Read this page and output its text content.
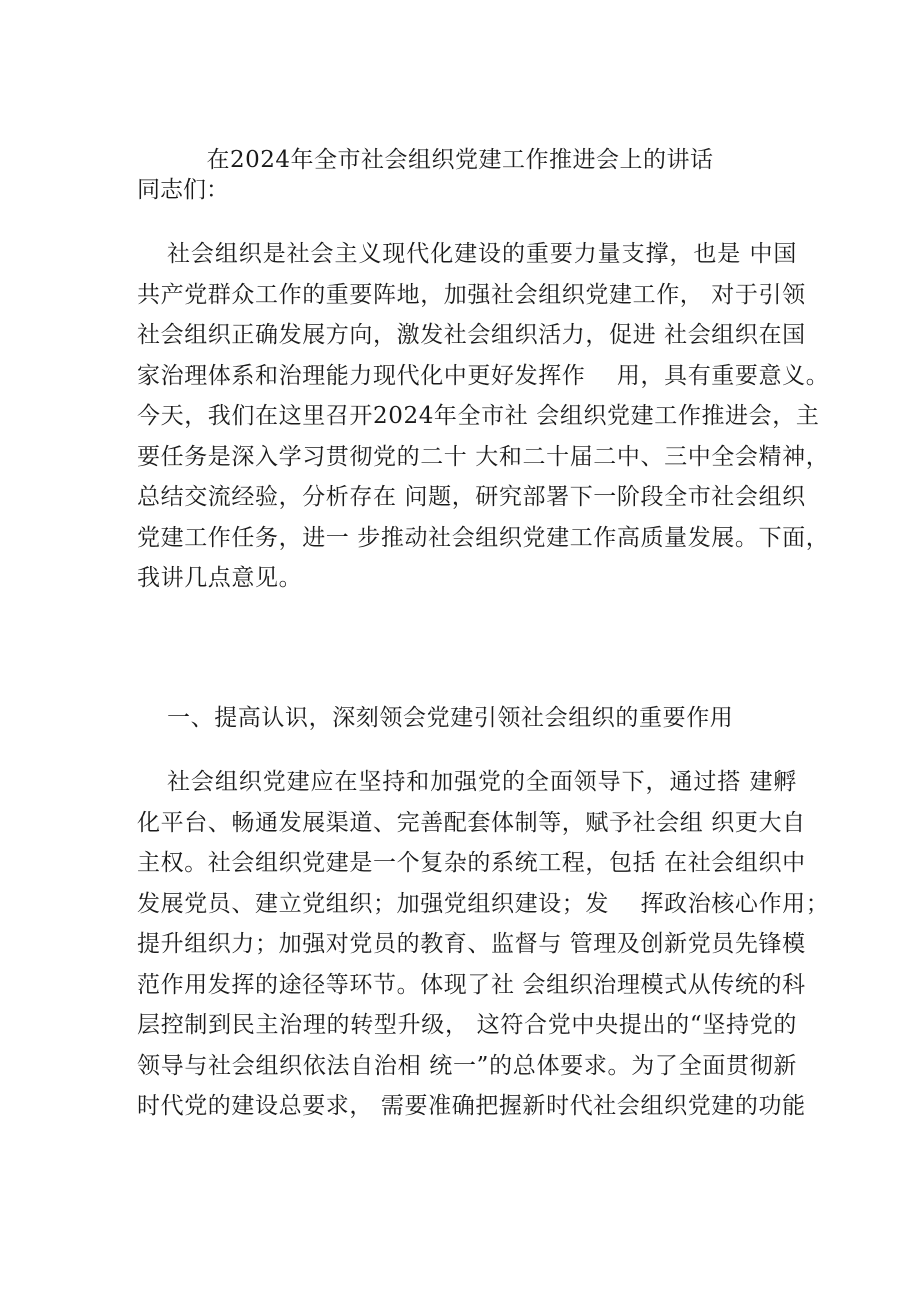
在2024年全市社会组织党建工作推进会上的讲话
同志们：
社会组织是社会主义现代化建设的重要力量支撑，也是 中国
共产党群众工作的重要阵地，加强社会组织党建工作， 对于引领
社会组织正确发展方向，激发社会组织活力，促进 社会组织在国
家治理体系和治理能力现代化中更好发挥作　 用，具有重要意义。
今天，我们在这里召开2024年全市社 会组织党建工作推进会，主
要任务是深入学习贯彻党的二十 大和二十届二中、三中全会精神，
总结交流经验，分析存在 问题，研究部署下一阶段全市社会组织
党建工作任务，进一 步推动社会组织党建工作高质量发展。下面，
我讲几点意见。
一、提高认识，深刻领会党建引领社会组织的重要作用
社会组织党建应在坚持和加强党的全面领导下，通过搭 建孵
化平台、畅通发展渠道、完善配套体制等，赋予社会组 织更大自
主权。社会组织党建是一个复杂的系统工程，包括 在社会组织中
发展党员、建立党组织；加强党组织建设；发　 挥政治核心作用；
提升组织力；加强对党员的教育、监督与 管理及创新党员先锋模
范作用发挥的途径等环节。体现了社 会组织治理模式从传统的科
层控制到民主治理的转型升级， 这符合党中央提出的“坚持党的
领导与社会组织依法自治相 统一”的总体要求。为了全面贯彻新
时代党的建设总要求， 需要准确把握新时代社会组织党建的功能
